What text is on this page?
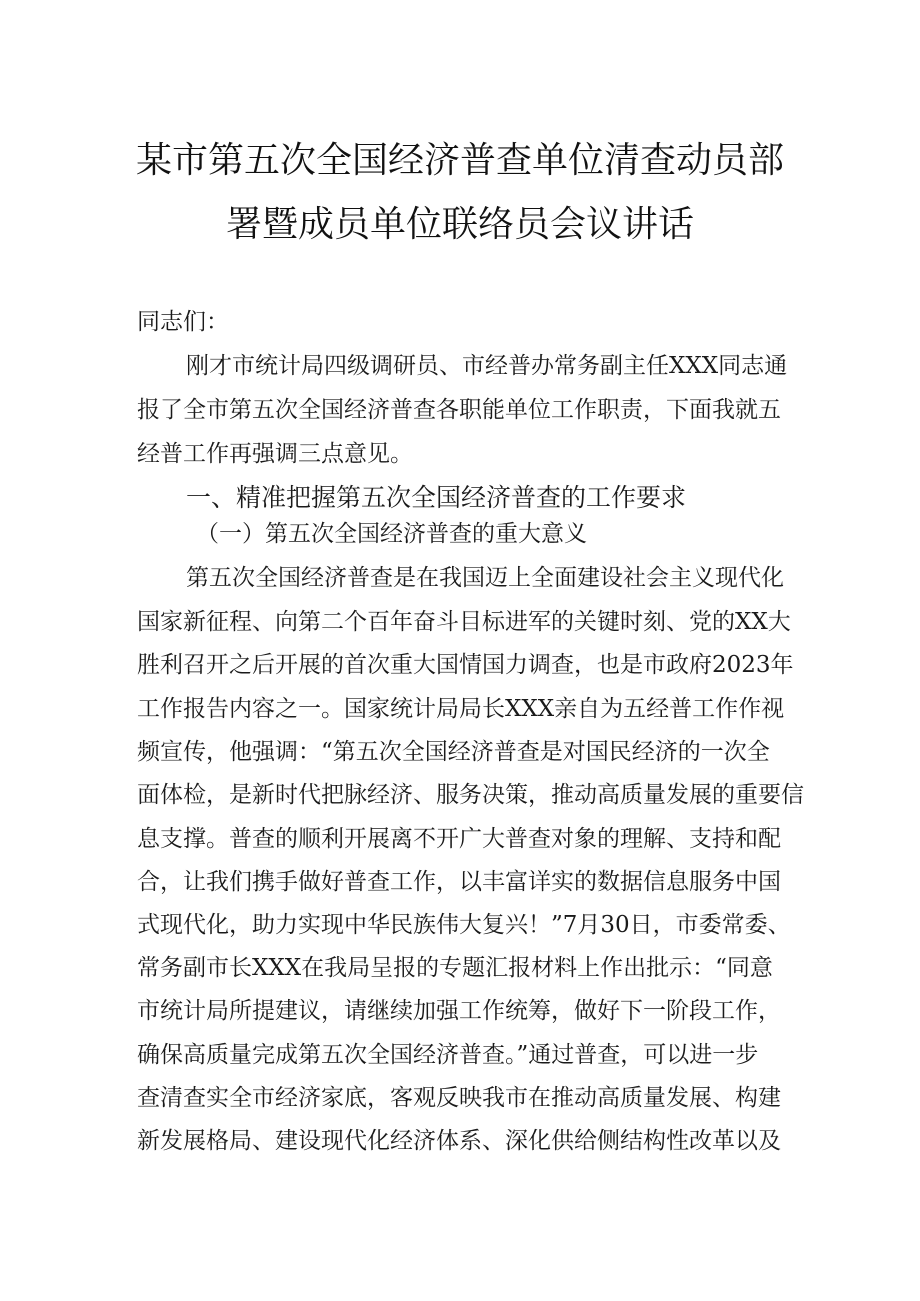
某市第五次全国经济普查单位清查动员部
署暨成员单位联络员会议讲话
同志们：
刚才市统计局四级调研员、市经普办常务副主任XXX同志通
报了全市第五次全国经济普查各职能单位工作职责，下面我就五
经普工作再强调三点意见。
一、精准把握第五次全国经济普查的工作要求
（一）第五次全国经济普查的重大意义
第五次全国经济普查是在我国迈上全面建设社会主义现代化
国家新征程、向第二个百年奋斗目标进军的关键时刻、党的XX大
胜利召开之后开展的首次重大国情国力调查，也是市政府2023年
工作报告内容之一。国家统计局局长XXX亲自为五经普工作作视
频宣传，他强调：“第五次全国经济普查是对国民经济的一次全
面体检，是新时代把脉经济、服务决策，推动高质量发展的重要信
息支撑。普查的顺利开展离不开广大普查对象的理解、支持和配
合，让我们携手做好普查工作，以丰富详实的数据信息服务中国
式现代化，助力实现中华民族伟大复兴！”7月30日，市委常委、
常务副市长XXX在我局呈报的专题汇报材料上作出批示：“同意
市统计局所提建议，请继续加强工作统筹，做好下一阶段工作，
确保高质量完成第五次全国经济普查。”通过普查，可以进一步
查清查实全市经济家底，客观反映我市在推动高质量发展、构建
新发展格局、建设现代化经济体系、深化供给侧结构性改革以及
